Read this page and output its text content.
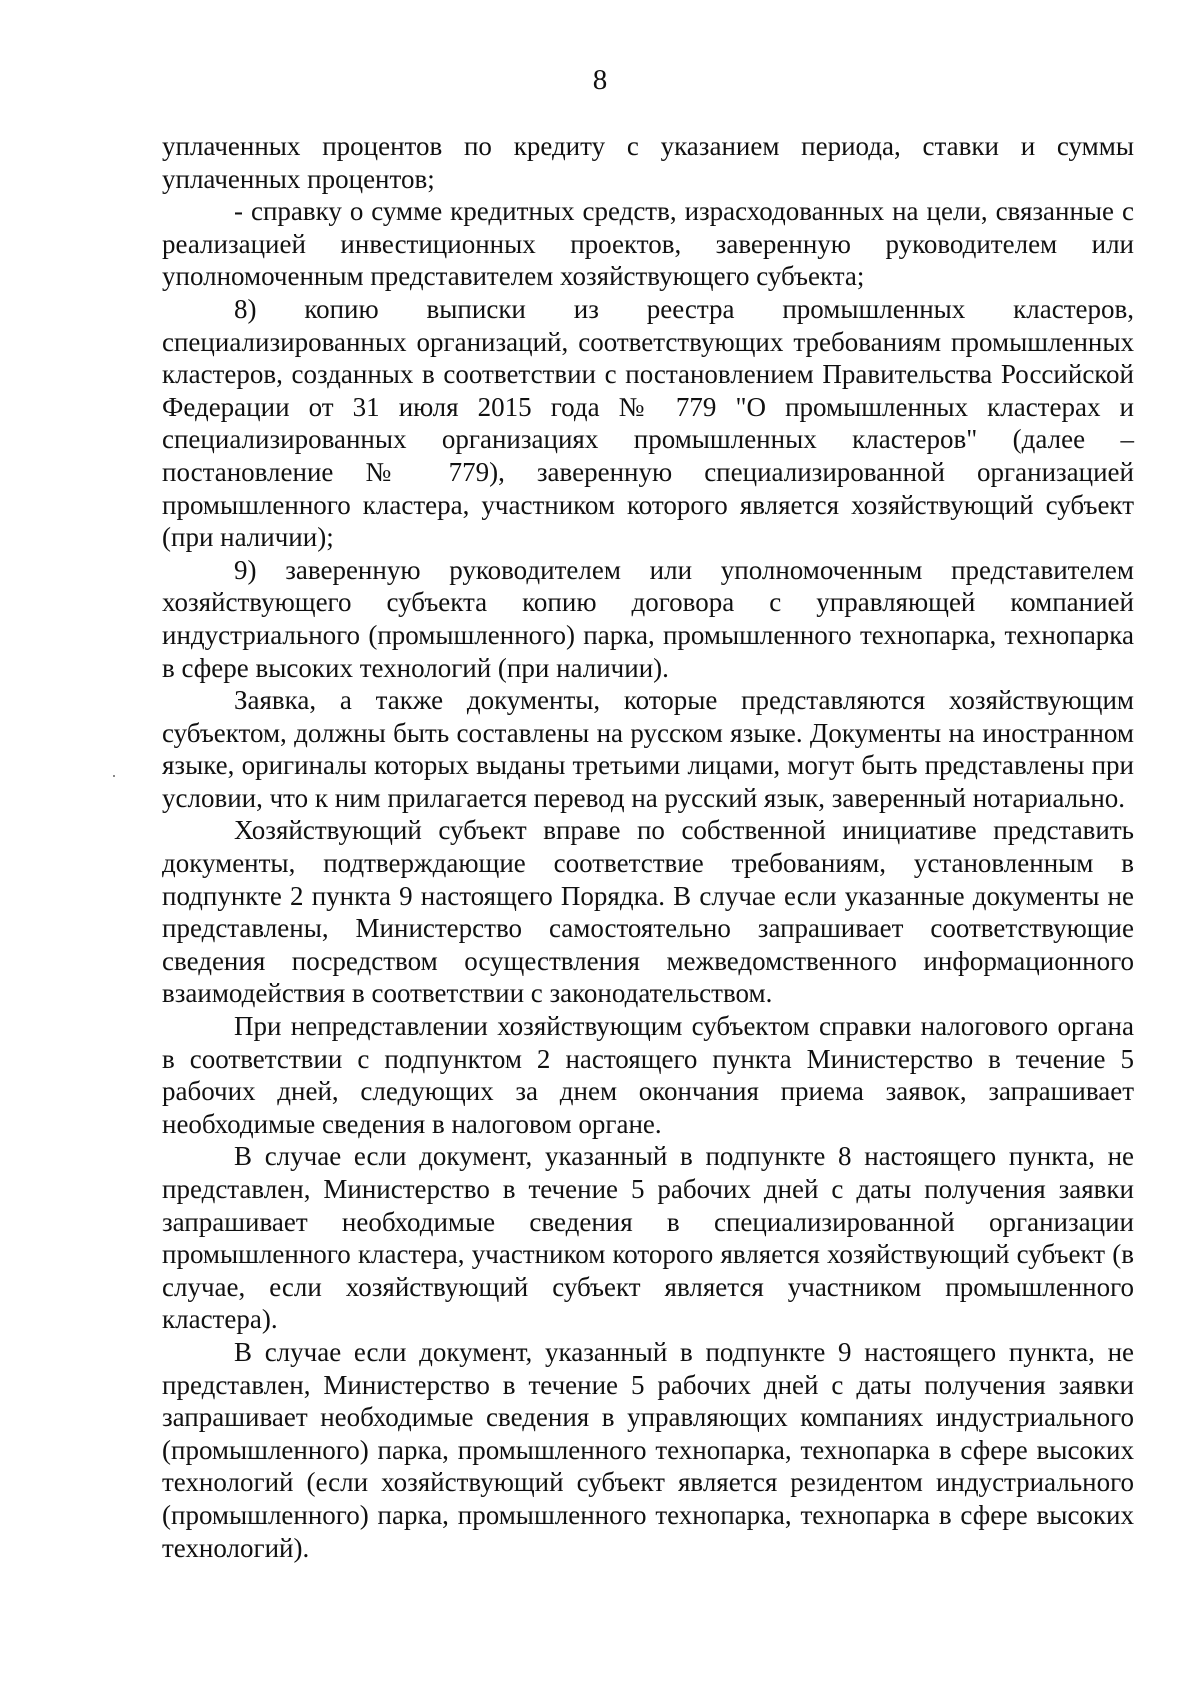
8

уплаченных процентов по кредиту с указанием периода, ставки и суммы уплаченных процентов;

- справку о сумме кредитных средств, израсходованных на цели, связанные с реализацией инвестиционных проектов, заверенную руководителем или уполномоченным представителем хозяйствующего субъекта;

8) копию выписки из реестра промышленных кластеров, специализированных организаций, соответствующих требованиям промышленных кластеров, созданных в соответствии с постановлением Правительства Российской Федерации от 31 июля 2015 года № 779 "О промышленных кластерах и специализированных организациях промышленных кластеров" (далее – постановление № 779), заверенную специализированной организацией промышленного кластера, участником которого является хозяйствующий субъект (при наличии);

9) заверенную руководителем или уполномоченным представителем хозяйствующего субъекта копию договора с управляющей компанией индустриального (промышленного) парка, промышленного технопарка, технопарка в сфере высоких технологий (при наличии).

Заявка, а также документы, которые представляются хозяйствующим субъектом, должны быть составлены на русском языке. Документы на иностранном языке, оригиналы которых выданы третьими лицами, могут быть представлены при условии, что к ним прилагается перевод на русский язык, заверенный нотариально.

Хозяйствующий субъект вправе по собственной инициативе представить документы, подтверждающие соответствие требованиям, установленным в подпункте 2 пункта 9 настоящего Порядка. В случае если указанные документы не представлены, Министерство самостоятельно запрашивает соответствующие сведения посредством осуществления межведомственного информационного взаимодействия в соответствии с законодательством.

При непредставлении хозяйствующим субъектом справки налогового органа в соответствии с подпунктом 2 настоящего пункта Министерство в течение 5 рабочих дней, следующих за днем окончания приема заявок, запрашивает необходимые сведения в налоговом органе.

В случае если документ, указанный в подпункте 8 настоящего пункта, не представлен, Министерство в течение 5 рабочих дней с даты получения заявки запрашивает необходимые сведения в специализированной организации промышленного кластера, участником которого является хозяйствующий субъект (в случае, если хозяйствующий субъект является участником промышленного кластера).

В случае если документ, указанный в подпункте 9 настоящего пункта, не представлен, Министерство в течение 5 рабочих дней с даты получения заявки запрашивает необходимые сведения в управляющих компаниях индустриального (промышленного) парка, промышленного технопарка, технопарка в сфере высоких технологий (если хозяйствующий субъект является резидентом индустриального (промышленного) парка, промышленного технопарка, технопарка в сфере высоких технологий).
